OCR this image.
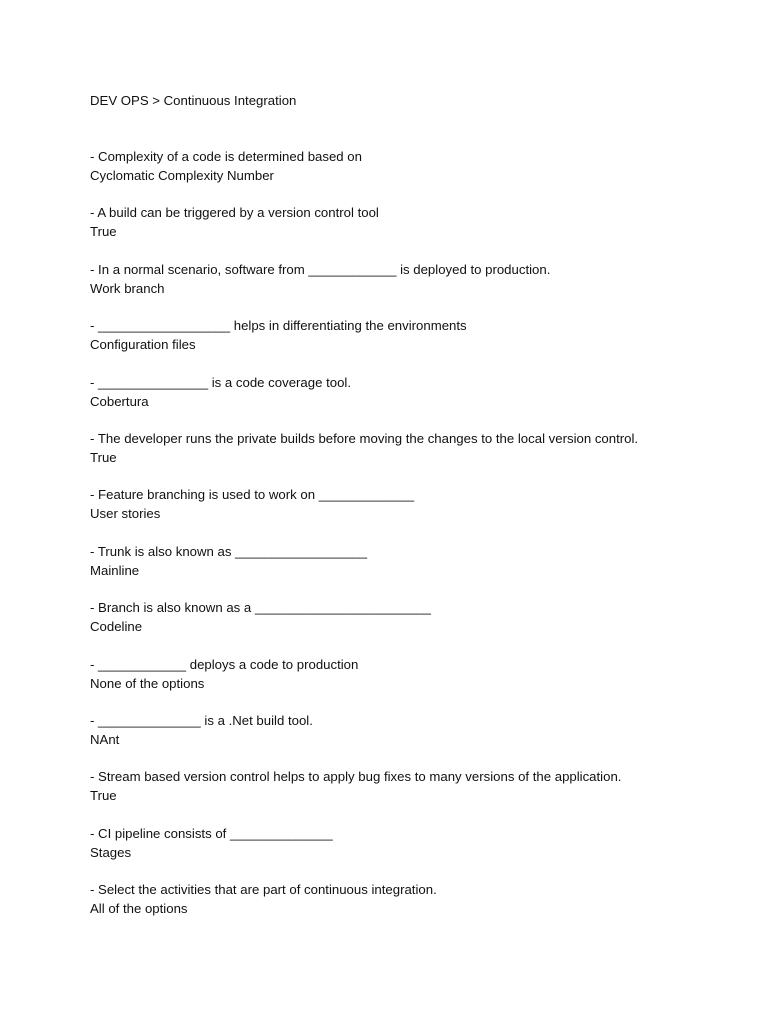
DEV OPS > Continuous Integration
- Complexity of a code is determined based on
Cyclomatic Complexity Number
- A build can be triggered by a version control tool
True
- In a normal scenario, software from ____________ is deployed to production.
Work branch
- __________________ helps in differentiating the environments
Configuration files
- _______________ is a code coverage tool.
Cobertura
- The developer runs the private builds before moving the changes to the local version control.
True
- Feature branching is used to work on _____________
User stories
- Trunk is also known as __________________
Mainline
- Branch is also known as a ________________________
Codeline
- ____________ deploys a code to production
None of the options
- ______________ is a .Net build tool.
NAnt
- Stream based version control helps to apply bug fixes to many versions of the application.
True
- CI pipeline consists of ______________
Stages
- Select the activities that are part of continuous integration.
All of the options
